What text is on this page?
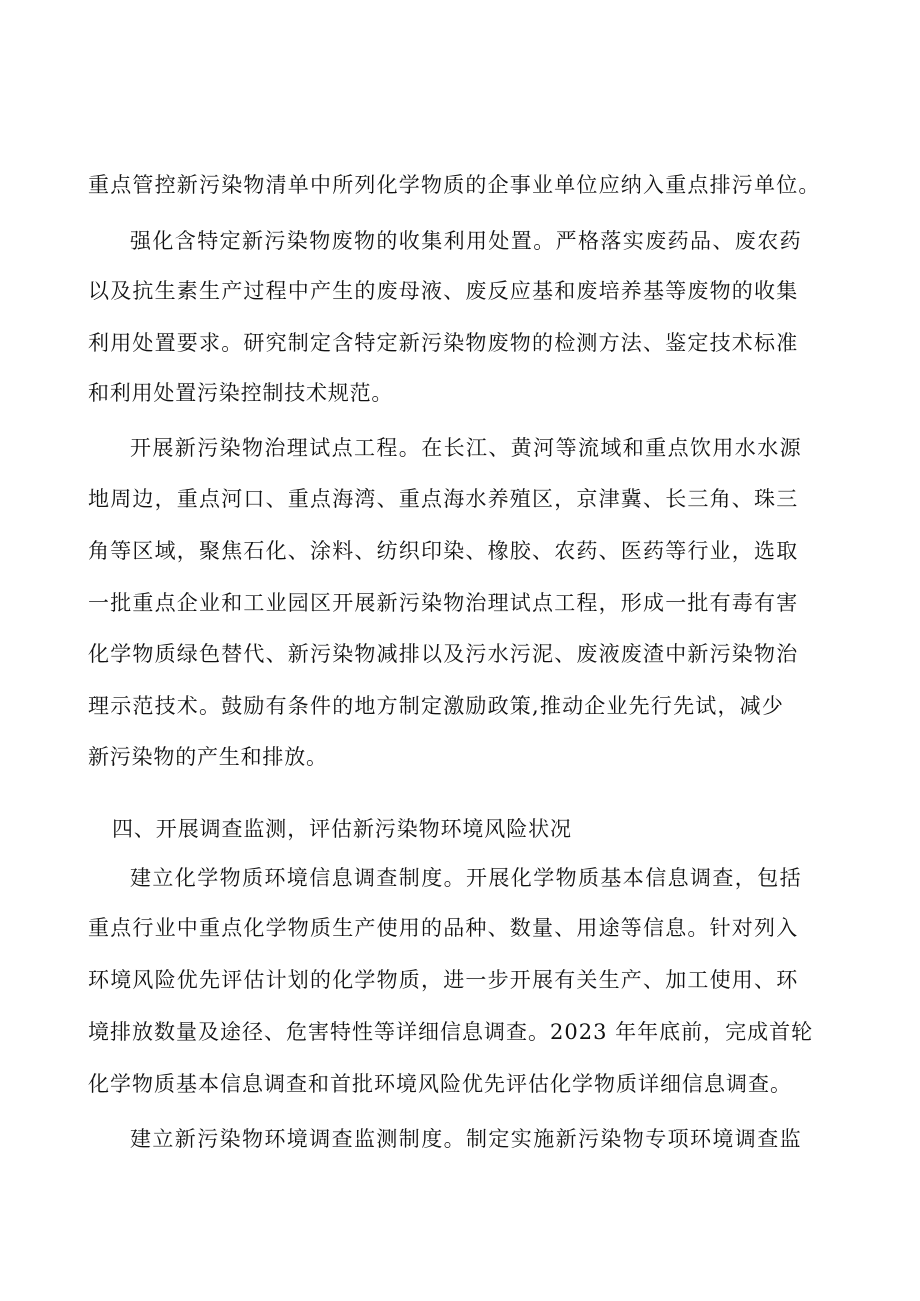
重点管控新污染物清单中所列化学物质的企事业单位应纳入重点排污单位。

强化含特定新污染物废物的收集利用处置。严格落实废药品、废农药

以及抗生素生产过程中产生的废母液、废反应基和废培养基等废物的收集

利用处置要求。研究制定含特定新污染物废物的检测方法、鉴定技术标准

和利用处置污染控制技术规范。

开展新污染物治理试点工程。在长江、黄河等流域和重点饮用水水源

地周边，重点河口、重点海湾、重点海水养殖区，京津冀、长三角、珠三

角等区域，聚焦石化、涂料、纺织印染、橡胶、农药、医药等行业，选取

一批重点企业和工业园区开展新污染物治理试点工程，形成一批有毒有害

化学物质绿色替代、新污染物减排以及污水污泥、废液废渣中新污染物治

理示范技术。鼓励有条件的地方制定激励政策,推动企业先行先试，减少

新污染物的产生和排放。

四、开展调查监测，评估新污染物环境风险状况

建立化学物质环境信息调查制度。开展化学物质基本信息调查，包括

重点行业中重点化学物质生产使用的品种、数量、用途等信息。针对列入

环境风险优先评估计划的化学物质，进一步开展有关生产、加工使用、环

境排放数量及途径、危害特性等详细信息调查。2023 年年底前，完成首轮

化学物质基本信息调查和首批环境风险优先评估化学物质详细信息调查。

建立新污染物环境调查监测制度。制定实施新污染物专项环境调查监
